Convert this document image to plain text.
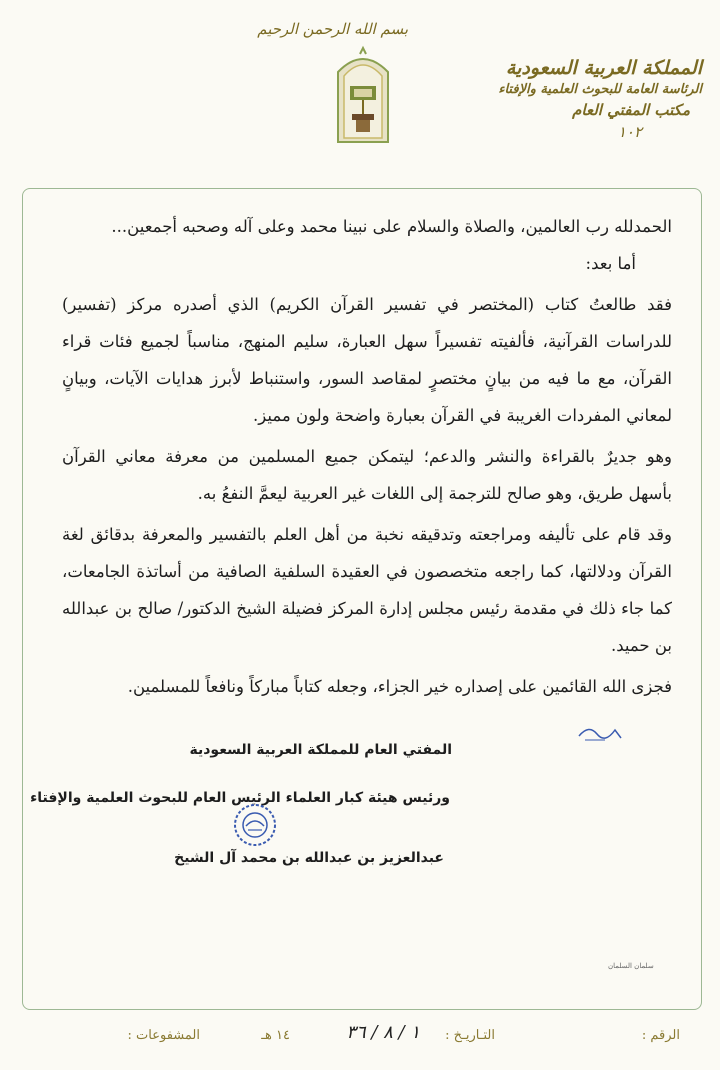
بسم الله الرحمن الرحيم
المملكة العربية السعودية
الرئاسة العامة للبحوث العلمية والإفتاء
مكتب المفتي العام
١٠٢

الحمدلله رب العالمين، والصلاة والسلام على نبينا محمد وعلى آله وصحبه أجمعين...

أما بعد:

فقد طالعتُ كتاب (المختصر في تفسير القرآن الكريم) الذي أصدره مركز (تفسير) للدراسات القرآنية، فألفيته تفسيراً سهل العبارة، سليم المنهج، مناسباً لجميع فئات قراء القرآن، مع ما فيه من بيانٍ مختصرٍ لمقاصد السور، واستنباط لأبرز هدايات الآيات، وبيانٍ لمعاني المفردات الغريبة في القرآن بعبارة واضحة ولون مميز.

وهو جديرٌ بالقراءة والنشر والدعم؛ ليتمكن جميع المسلمين من معرفة معاني القرآن بأسهل طريق، وهو صالح للترجمة إلى اللغات غير العربية ليعمَّ النفعُ به.

وقد قام على تأليفه ومراجعته وتدقيقه نخبة من أهل العلم بالتفسير والمعرفة بدقائق لغة القرآن ودلالتها، كما راجعه متخصصون في العقيدة السلفية الصافية من أساتذة الجامعات، كما جاء ذلك في مقدمة رئيس مجلس إدارة المركز فضيلة الشيخ الدكتور/ صالح بن عبدالله بن حميد.

فجزى الله القائمين على إصداره خير الجزاء، وجعله كتاباً مباركاً ونافعاً للمسلمين.

المفتي العام للمملكة العربية السعودية
ورئيس هيئة كبار العلماء الرئيس العام للبحوث العلمية والإفتاء
عبدالعزيز بن عبدالله بن محمد آل الشيخ
سلمان السلمان
الرقم :
التـاريـخ :
١ / ٨ / ٣٦
١٤ هـ
المشفوعات :
